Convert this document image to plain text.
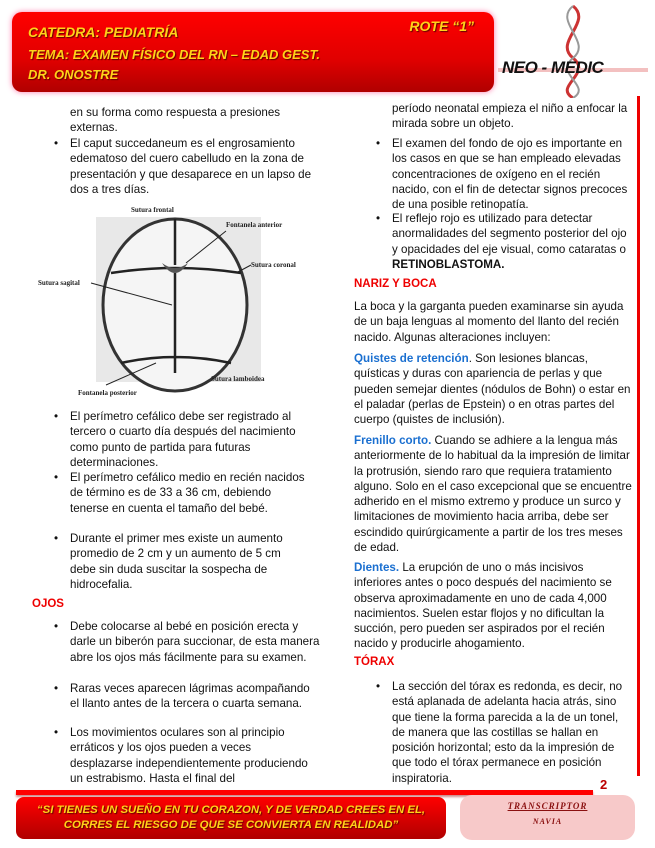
CATEDRA: PEDIATRÍA
TEMA: EXAMEN FÍSICO DEL RN – EDAD GEST.
DR. ONOSTRE
ROTE “1”
NEO - MEDIC
en su forma como respuesta a presiones externas.
• El caput succedaneum es el engrosamiento edematoso del cuero cabelludo en la zona de presentación y que desaparece en un lapso de dos a tres días.
Sutura frontal
Fontanela anterior
Sutura coronal
Sutura sagital
Sutura lamboidea
Fontanela posterior
• El perímetro cefálico debe ser registrado al tercero o cuarto día después del nacimiento como punto de partida para futuras determinaciones.
• El perímetro cefálico medio en recién nacidos de término es de 33 a 36 cm, debiendo tenerse en cuenta el tamaño del bebé.
• Durante el primer mes existe un aumento promedio de 2 cm y un aumento de 5 cm debe sin duda suscitar la sospecha de hidrocefalia.
OJOS
• Debe colocarse al bebé en posición erecta y darle un biberón para succionar, de esta manera abre los ojos más fácilmente para su examen.
• Raras veces aparecen lágrimas acompañando el llanto antes de la tercera o cuarta semana.
• Los movimientos oculares son al principio erráticos y los ojos pueden a veces desplazarse independientemente produciendo un estrabismo. Hasta el final del
período neonatal empieza el niño a enfocar la mirada sobre un objeto.
• El examen del fondo de ojo es importante en los casos en que se han empleado elevadas concentraciones de oxígeno en el recién nacido, con el fin de detectar signos precoces de una posible retinopatía.
• El reflejo rojo es utilizado para detectar anormalidades del segmento posterior del ojo y opacidades del eje visual, como cataratas o RETINOBLASTOMA.
NARIZ Y BOCA
La boca y la garganta pueden examinarse sin ayuda de un baja lenguas al momento del llanto del recién nacido. Algunas alteraciones incluyen:
Quistes de retención. Son lesiones blancas, quísticas y duras con apariencia de perlas y que pueden semejar dientes (nódulos de Bohn) o estar en el paladar (perlas de Epstein) o en otras partes del cuerpo (quistes de inclusión).
Frenillo corto. Cuando se adhiere a la lengua más anteriormente de lo habitual da la impresión de limitar la protrusión, siendo raro que requiera tratamiento alguno. Solo en el caso excepcional que se encuentre adherido en el mismo extremo y produce un surco y limitaciones de movimiento hacia arriba, debe ser escindido quirúrgicamente a partir de los tres meses de edad.
Dientes. La erupción de uno o más incisivos inferiores antes o poco después del nacimiento se observa aproximadamente en uno de cada 4,000 nacimientos. Suelen estar flojos y no dificultan la succión, pero pueden ser aspirados por el recién nacido y producirle ahogamiento.
TÓRAX
• La sección del tórax es redonda, es decir, no está aplanada de adelanta hacia atrás, sino que tiene la forma parecida a la de un tonel, de manera que las costillas se hallan en posición horizontal; esto da la impresión de que todo el tórax permanece en posición inspiratoria.	2
“SI TIENES UN SUEÑO EN TU CORAZON, Y DE VERDAD CREES EN EL,
CORRES EL RIESGO DE QUE SE CONVIERTA EN REALIDAD”
TRANSCRIPTOR
NAVIA
